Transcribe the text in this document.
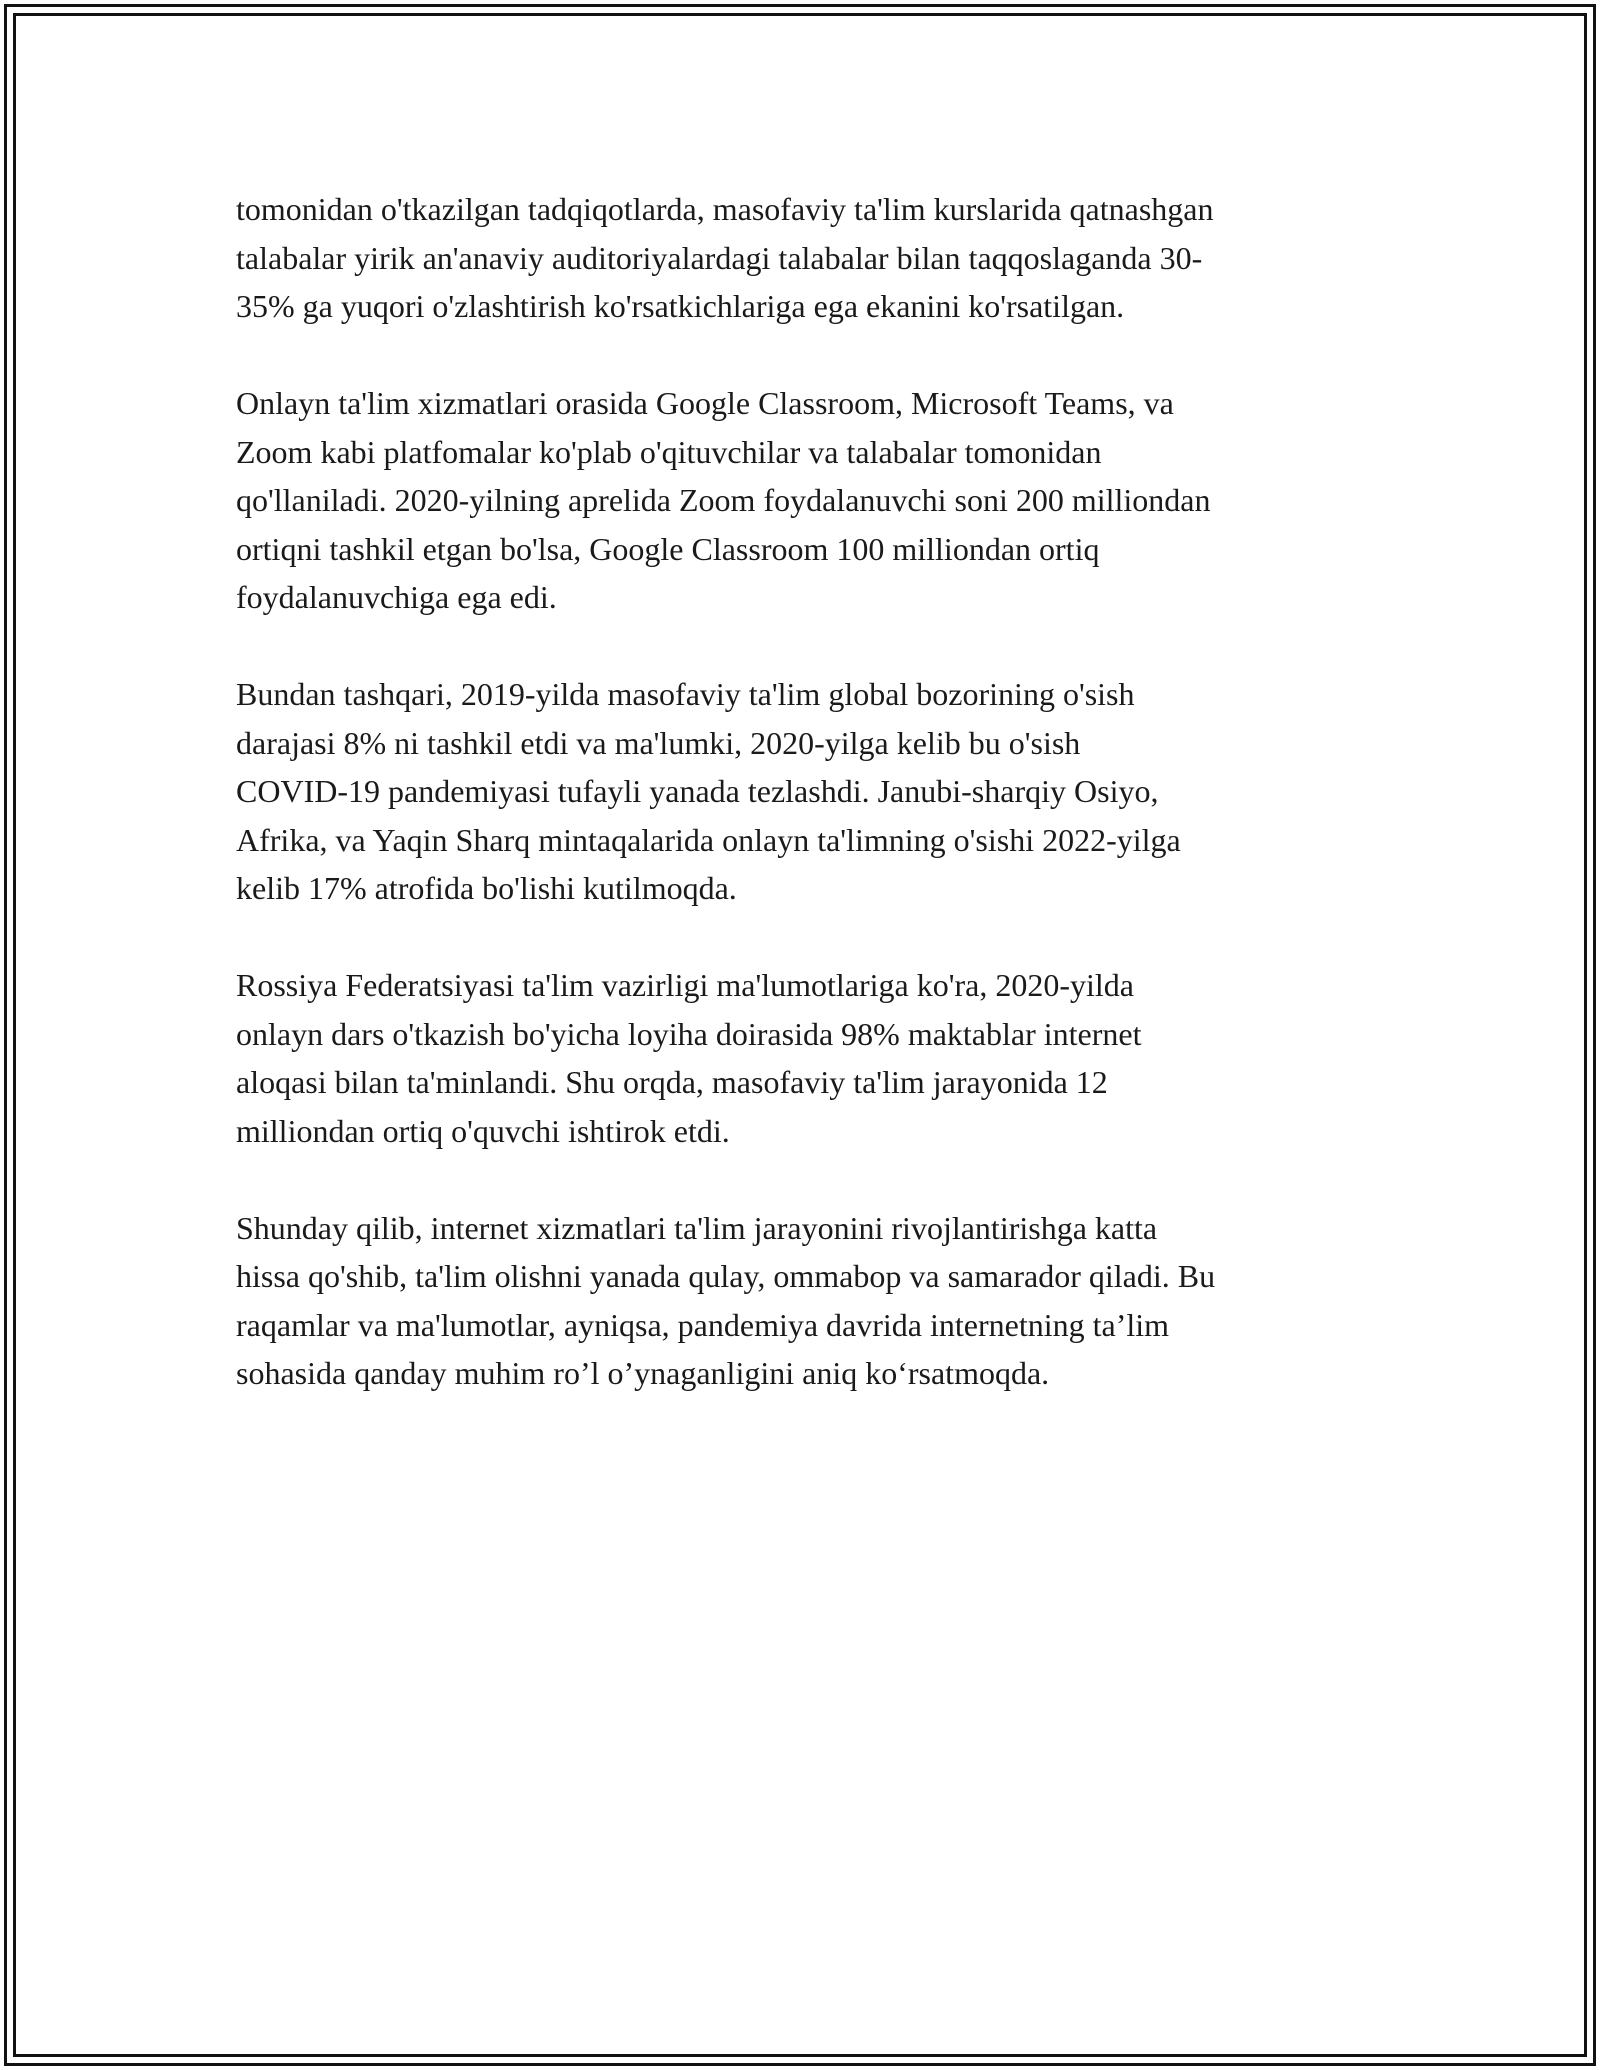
tomonidan o'tkazilgan tadqiqotlarda, masofaviy ta'lim kurslarida qatnashgan
talabalar yirik an'anaviy auditoriyalardagi talabalar bilan taqqoslaganda 30-
35% ga yuqori o'zlashtirish ko'rsatkichlariga ega ekanini ko'rsatilgan.

Onlayn ta'lim xizmatlari orasida Google Classroom, Microsoft Teams, va
Zoom kabi platfomalar ko'plab o'qituvchilar va talabalar tomonidan
qo'llaniladi. 2020-yilning aprelida Zoom foydalanuvchi soni 200 milliondan
ortiqni tashkil etgan bo'lsa, Google Classroom 100 milliondan ortiq
foydalanuvchiga ega edi.

Bundan tashqari, 2019-yilda masofaviy ta'lim global bozorining o'sish
darajasi 8% ni tashkil etdi va ma'lumki, 2020-yilga kelib bu o'sish
COVID-19 pandemiyasi tufayli yanada tezlashdi. Janubi-sharqiy Osiyo,
Afrika, va Yaqin Sharq mintaqalarida onlayn ta'limning o'sishi 2022-yilga
kelib 17% atrofida bo'lishi kutilmoqda.

Rossiya Federatsiyasi ta'lim vazirligi ma'lumotlariga ko'ra, 2020-yilda
onlayn dars o'tkazish bo'yicha loyiha doirasida 98% maktablar internet
aloqasi bilan ta'minlandi. Shu orqda, masofaviy ta'lim jarayonida 12
milliondan ortiq o'quvchi ishtirok etdi.

Shunday qilib, internet xizmatlari ta'lim jarayonini rivojlantirishga katta
hissa qo'shib, ta'lim olishni yanada qulay, ommabop va samarador qiladi. Bu
raqamlar va ma'lumotlar, ayniqsa, pandemiya davrida internetning ta’lim
sohasida qanday muhim ro’l o’ynaganligini aniq ko‘rsatmoqda.
